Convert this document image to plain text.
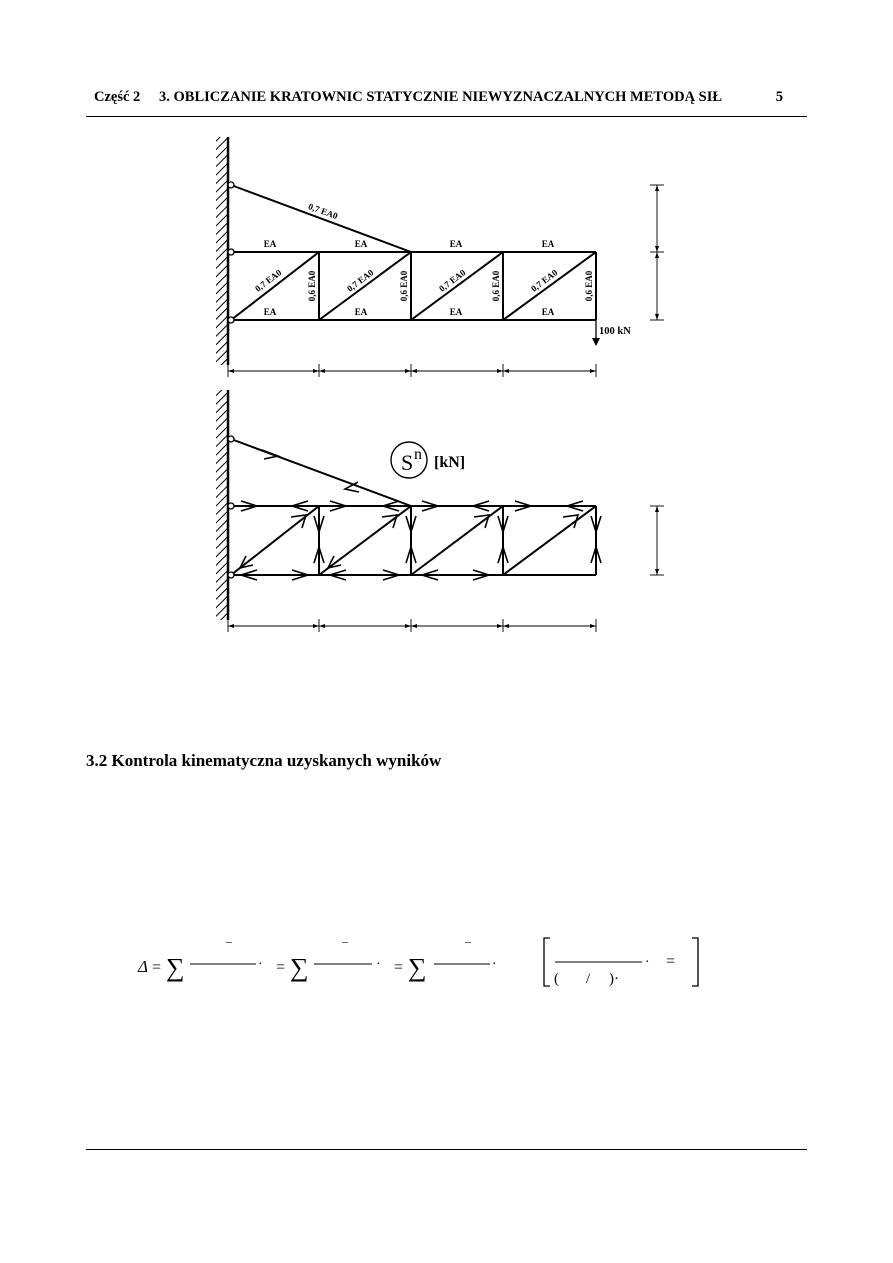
Część 2 3. OBLICZANIE KRATOWNIC STATYCZNIE NIEWYZNACZALNYCH METODĄ SIŁ	5
EA	EA	EA	EA
EA	EA	EA	EA
0,7 EA0	0,7 EA0	0,7 EA0	0,7 EA0
0,6 EA0	0,6 EA0	0,6 EA0	0,6 EA0
0,7 EA0
100 kN
S n [kN]
Δ = ∑
–
· = ∑
–
· = ∑
–
·	· =
( / )·
3.2 Kontrola kinematyczna uzyskanych wyników
